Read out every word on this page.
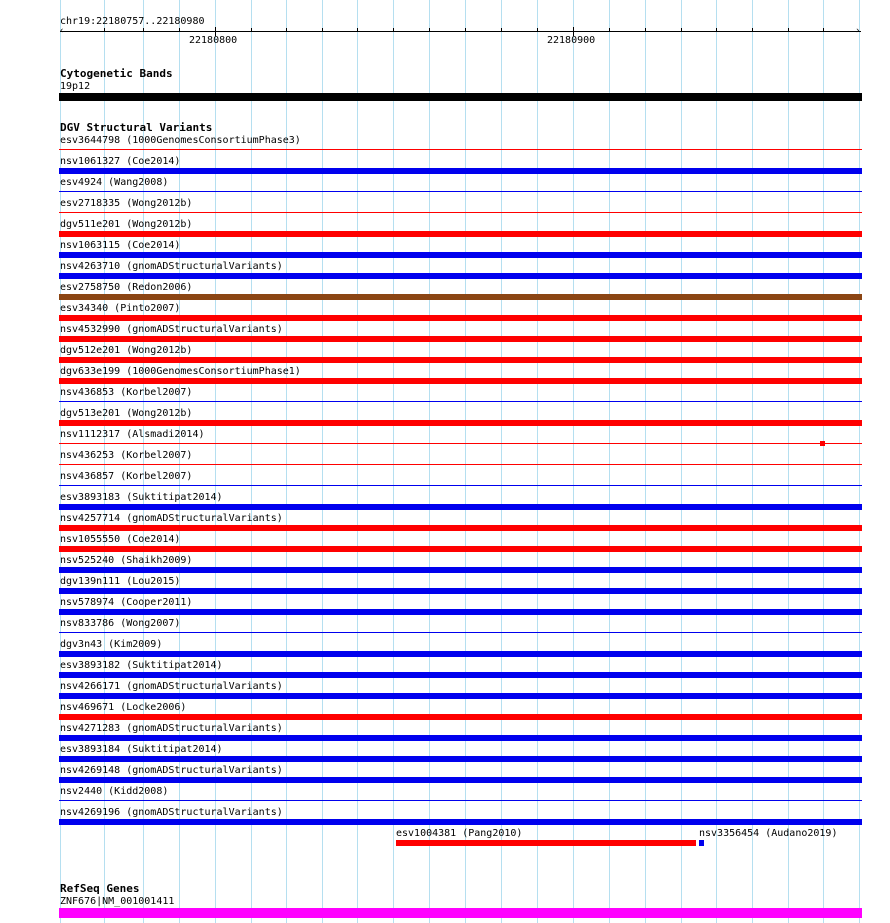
chr19:22180757..22180980
‹	›
22180800	22180900
Cytogenetic Bands
19p12
DGV Structural Variants
esv3644798 (1000GenomesConsortiumPhase3)
nsv1061327 (Coe2014)
esv4924 (Wang2008)
esv2718335 (Wong2012b)
dgv511e201 (Wong2012b)
nsv1063115 (Coe2014)
nsv4263710 (gnomADStructuralVariants)
esv2758750 (Redon2006)
esv34340 (Pinto2007)
nsv4532990 (gnomADStructuralVariants)
dgv512e201 (Wong2012b)
dgv633e199 (1000GenomesConsortiumPhase1)
nsv436853 (Korbel2007)
dgv513e201 (Wong2012b)
nsv1112317 (Alsmadi2014)
nsv436253 (Korbel2007)
nsv436857 (Korbel2007)
esv3893183 (Suktitipat2014)
nsv4257714 (gnomADStructuralVariants)
nsv1055550 (Coe2014)
nsv525240 (Shaikh2009)
dgv139n111 (Lou2015)
nsv578974 (Cooper2011)
nsv833786 (Wong2007)
dgv3n43 (Kim2009)
esv3893182 (Suktitipat2014)
nsv4266171 (gnomADStructuralVariants)
nsv469671 (Locke2006)
nsv4271283 (gnomADStructuralVariants)
esv3893184 (Suktitipat2014)
nsv4269148 (gnomADStructuralVariants)
nsv2440 (Kidd2008)
nsv4269196 (gnomADStructuralVariants)
esv1004381 (Pang2010)	nsv3356454 (Audano2019)
RefSeq Genes
ZNF676|NM_001001411
